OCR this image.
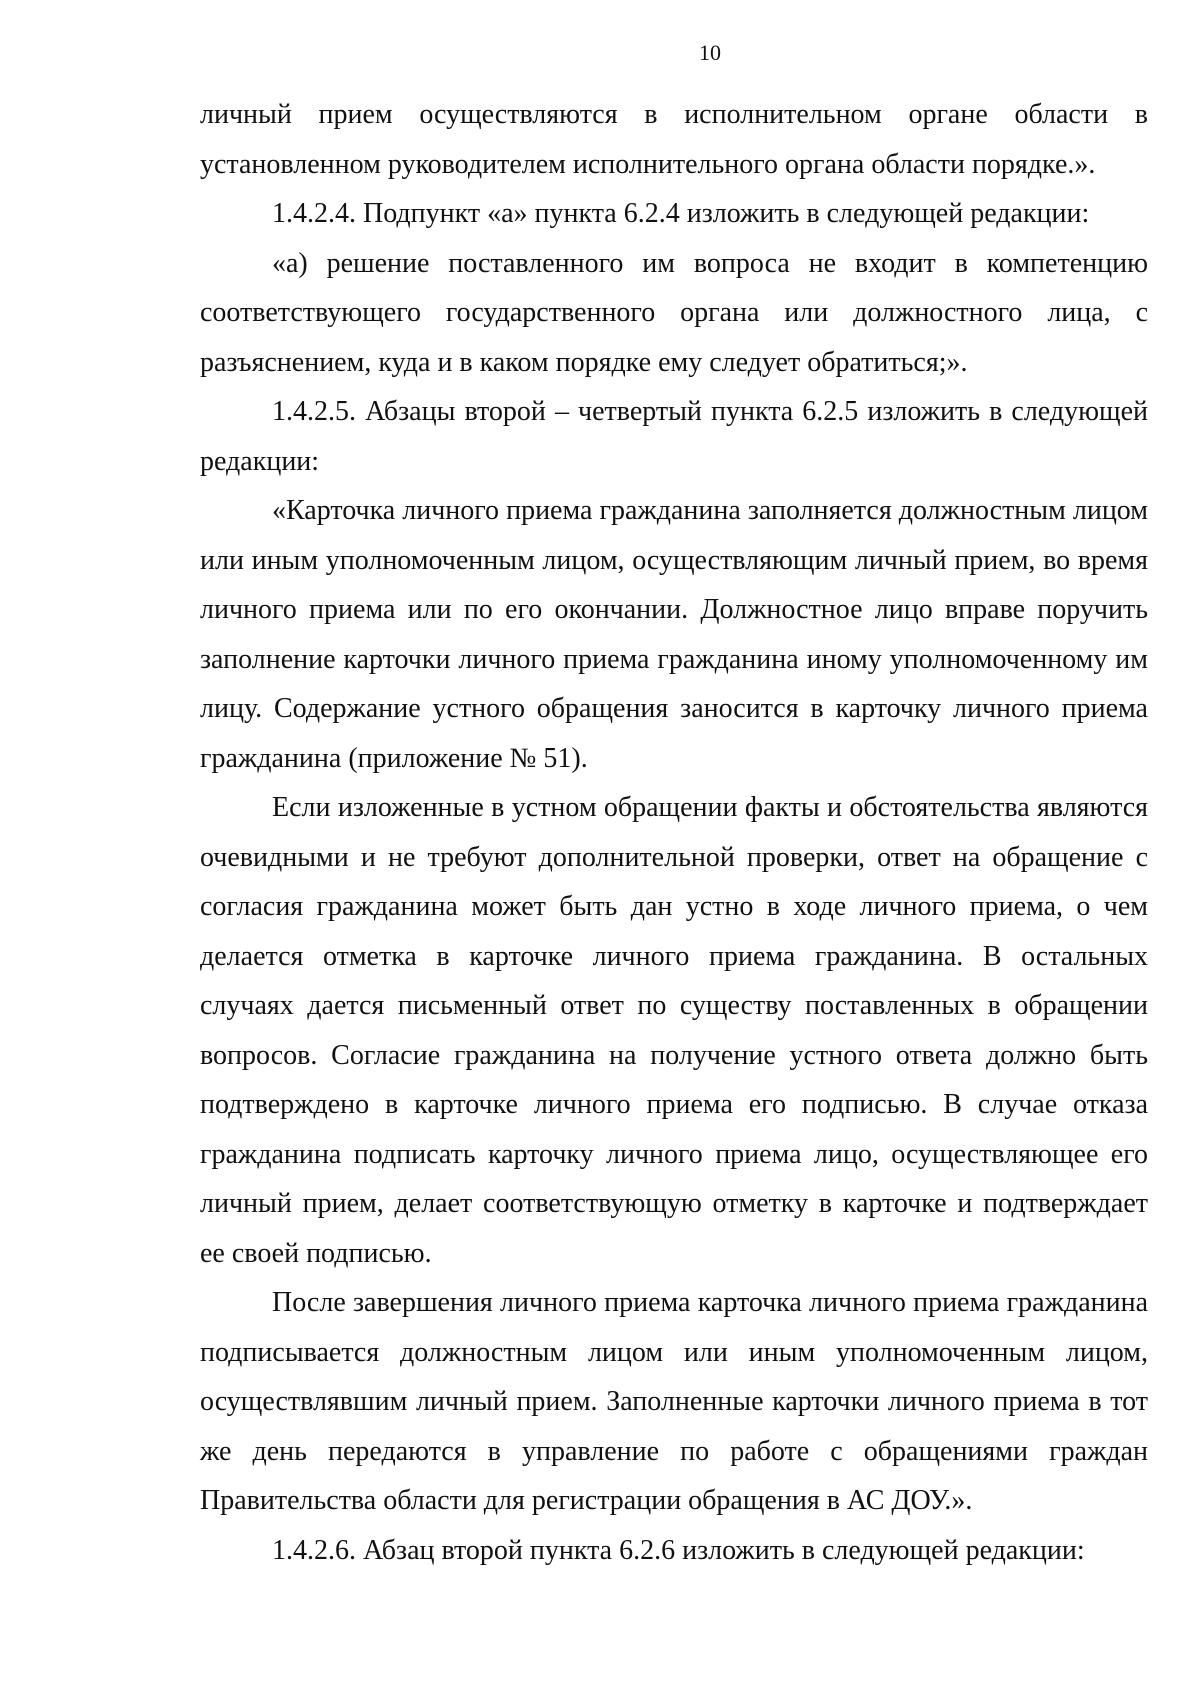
10

личный прием осуществляются в исполнительном органе области в установленном руководителем исполнительного органа области порядке.».

1.4.2.4. Подпункт «а» пункта 6.2.4 изложить в следующей редакции:

«а) решение поставленного им вопроса не входит в компетенцию соответствующего государственного органа или должностного лица, с разъяснением, куда и в каком порядке ему следует обратиться;».

1.4.2.5. Абзацы второй – четвертый пункта 6.2.5 изложить в следующей редакции:

«Карточка личного приема гражданина заполняется должностным лицом или иным уполномоченным лицом, осуществляющим личный прием, во время личного приема или по его окончании. Должностное лицо вправе поручить заполнение карточки личного приема гражданина иному уполномоченному им лицу. Содержание устного обращения заносится в карточку личного приема гражданина (приложение № 51).

Если изложенные в устном обращении факты и обстоятельства являются очевидными и не требуют дополнительной проверки, ответ на обращение с согласия гражданина может быть дан устно в ходе личного приема, о чем делается отметка в карточке личного приема гражданина. В остальных случаях дается письменный ответ по существу поставленных в обращении вопросов. Согласие гражданина на получение устного ответа должно быть подтверждено в карточке личного приема его подписью. В случае отказа гражданина подписать карточку личного приема лицо, осуществляющее его личный прием, делает соответствующую отметку в карточке и подтверждает ее своей подписью.

После завершения личного приема карточка личного приема гражданина подписывается должностным лицом или иным уполномоченным лицом, осуществлявшим личный прием. Заполненные карточки личного приема в тот же день передаются в управление по работе с обращениями граждан Правительства области для регистрации обращения в АС ДОУ.».

1.4.2.6. Абзац второй пункта 6.2.6 изложить в следующей редакции:
